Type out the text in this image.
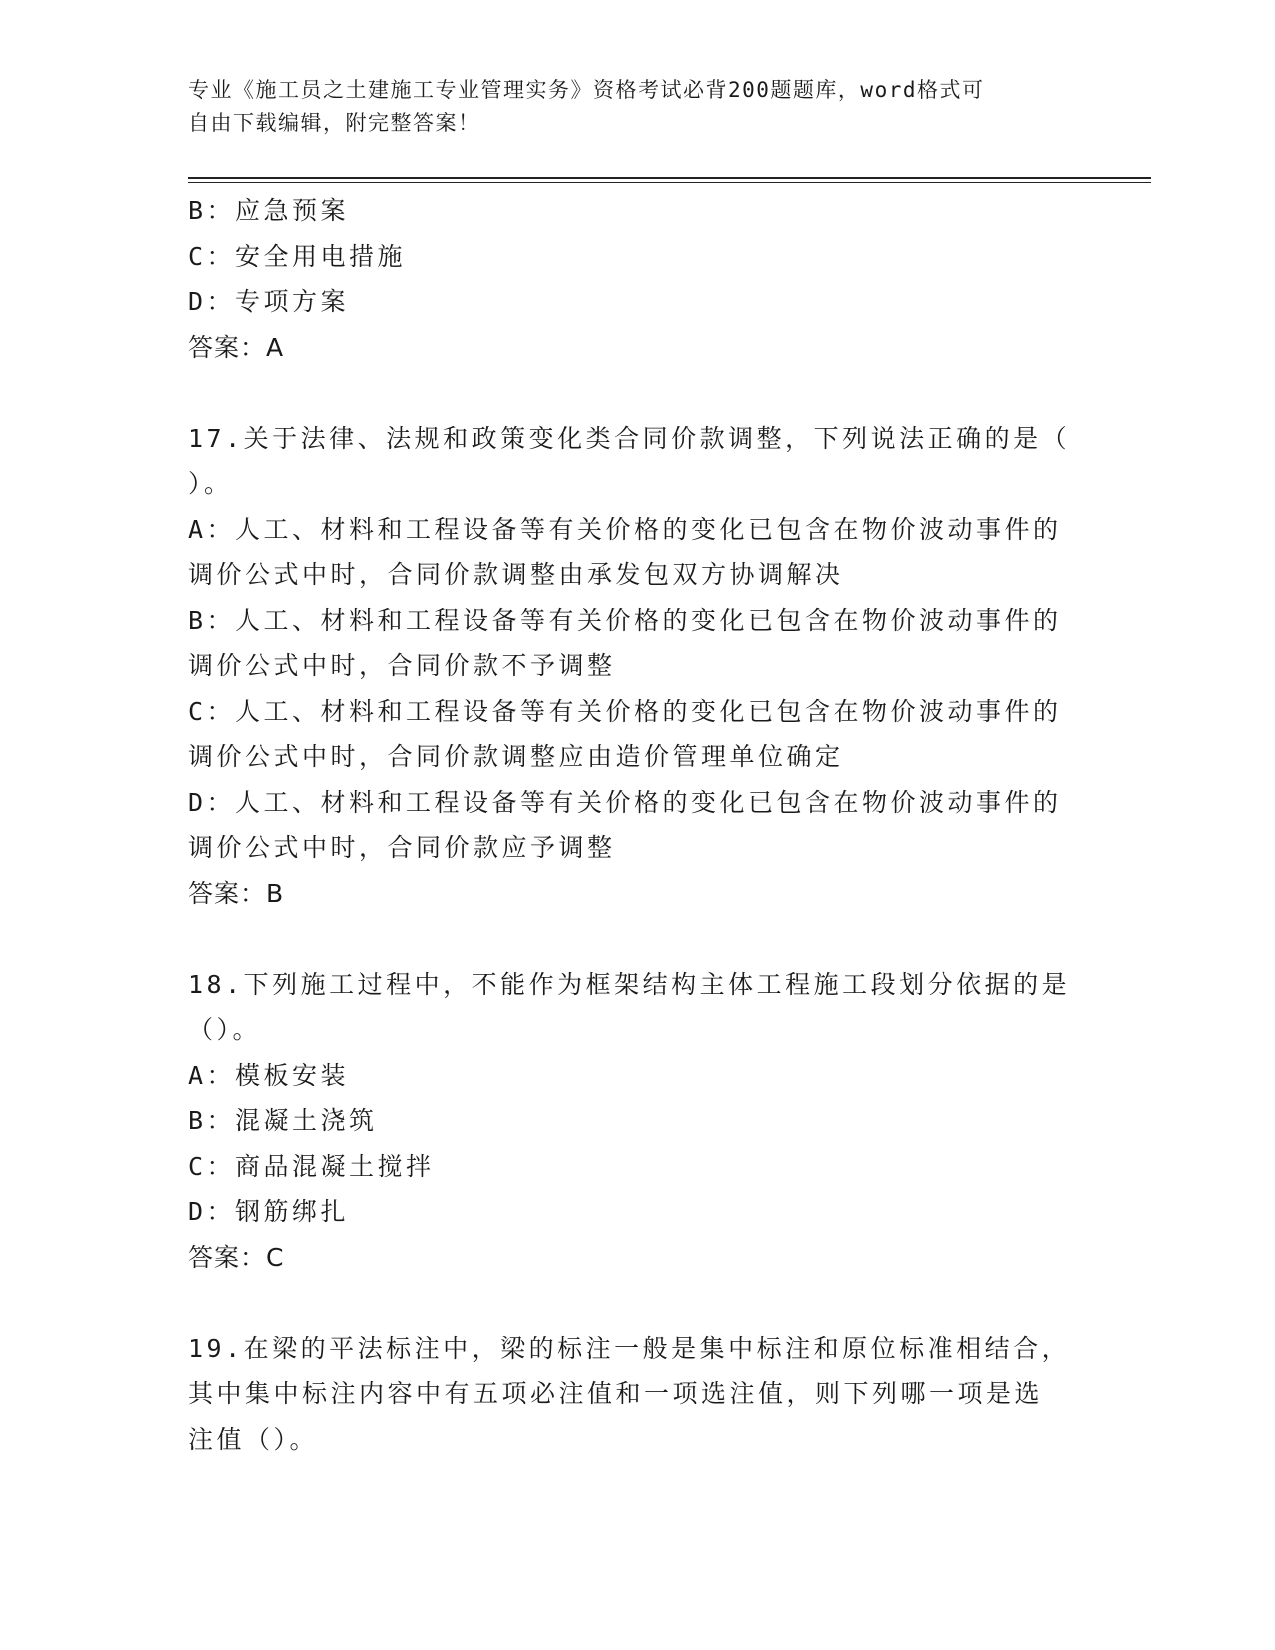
专业《施工员之土建施工专业管理实务》资格考试必背200题题库，word格式可
自由下载编辑，附完整答案！
B：应急预案
C：安全用电措施
D：专项方案
答案：A
17.关于法律、法规和政策变化类合同价款调整，下列说法正确的是（
）。
A：人工、材料和工程设备等有关价格的变化已包含在物价波动事件的
调价公式中时，合同价款调整由承发包双方协调解决
B：人工、材料和工程设备等有关价格的变化已包含在物价波动事件的
调价公式中时，合同价款不予调整
C：人工、材料和工程设备等有关价格的变化已包含在物价波动事件的
调价公式中时，合同价款调整应由造价管理单位确定
D：人工、材料和工程设备等有关价格的变化已包含在物价波动事件的
调价公式中时，合同价款应予调整
答案：B
18.下列施工过程中，不能作为框架结构主体工程施工段划分依据的是
（）。
A：模板安装
B：混凝土浇筑
C：商品混凝土搅拌
D：钢筋绑扎
答案：C
19.在梁的平法标注中，梁的标注一般是集中标注和原位标准相结合，
其中集中标注内容中有五项必注值和一项选注值，则下列哪一项是选
注值（）。
